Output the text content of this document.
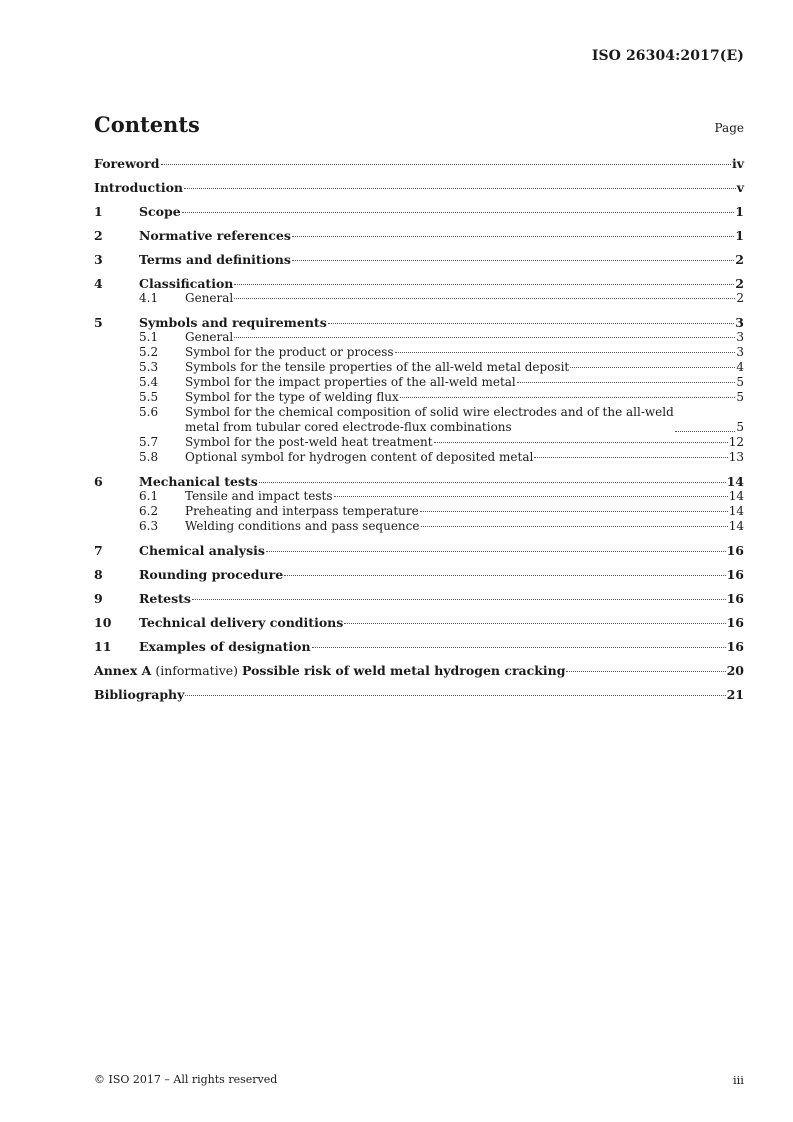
ISO 26304:2017(E)
Contents	Page
Foreword	iv
Introduction	v
1	Scope	1
2	Normative references	1
3	Terms and definitions	2
4	Classification	2
4.1	General	2
5	Symbols and requirements	3
5.1	General	3
5.2	Symbol for the product or process	3
5.3	Symbols for the tensile properties of the all-weld metal deposit	4
5.4	Symbol for the impact properties of the all-weld metal	5
5.5	Symbol for the type of welding flux	5
5.6	Symbol for the chemical composition of solid wire electrodes and of the all-weld
metal from tubular cored electrode-flux combinations	5
5.7	Symbol for the post-weld heat treatment	12
5.8	Optional symbol for hydrogen content of deposited metal	13
6	Mechanical tests	14
6.1	Tensile and impact tests	14
6.2	Preheating and interpass temperature	14
6.3	Welding conditions and pass sequence	14
7	Chemical analysis	16
8	Rounding procedure	16
9	Retests	16
10	Technical delivery conditions	16
11	Examples of designation	16
Annex A (informative) Possible risk of weld metal hydrogen cracking	20
Bibliography	21
© ISO 2017 – All rights reserved	iii
